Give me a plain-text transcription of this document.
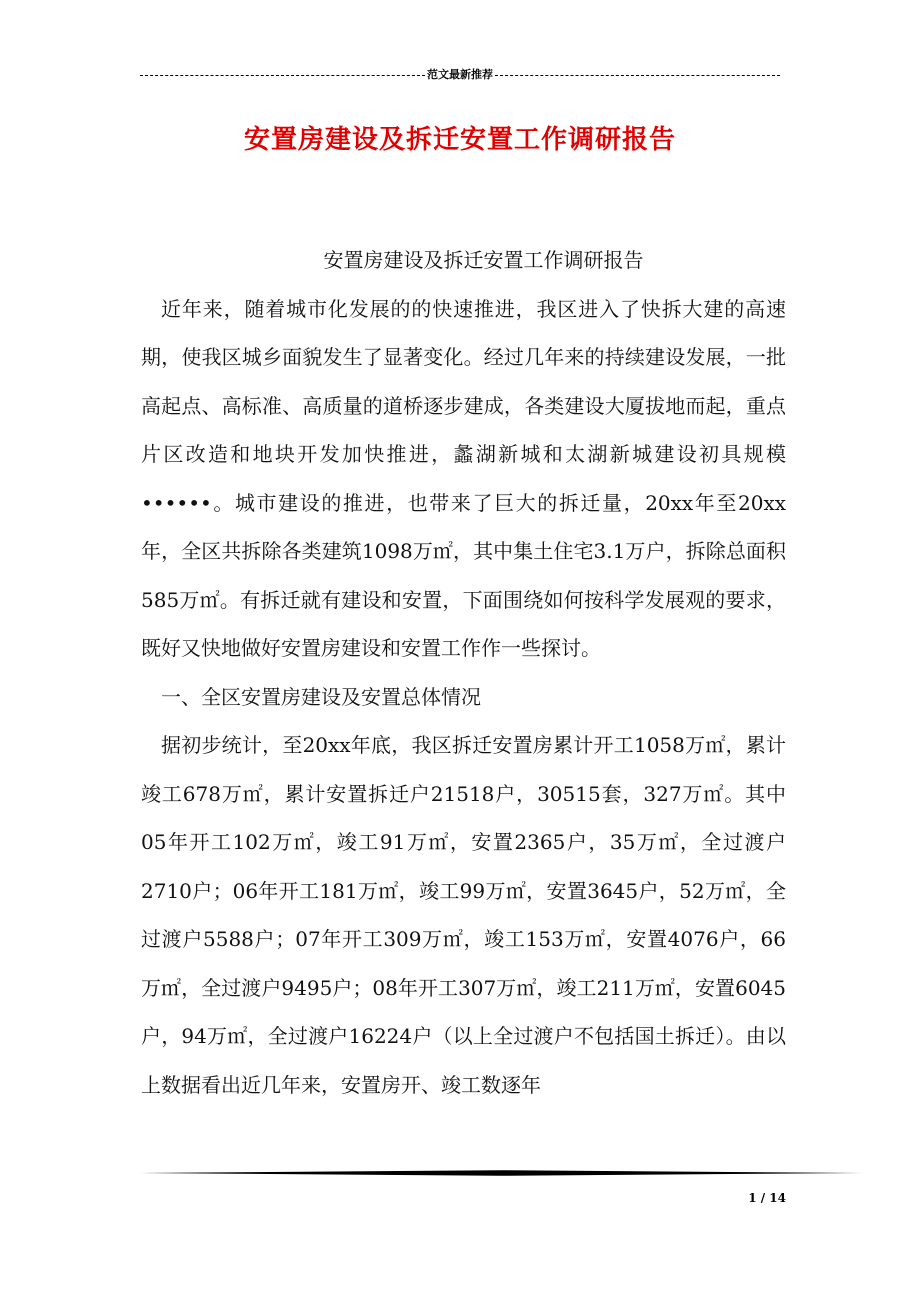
范文最新推荐
安置房建设及拆迁安置工作调研报告

安置房建设及拆迁安置工作调研报告

近年来，随着城市化发展的的快速推进，我区进入了快拆大建的高速期，使我区城乡面貌发生了显著变化。经过几年来的持续建设发展，一批高起点、高标准、高质量的道桥逐步建成，各类建设大厦拔地而起，重点片区改造和地块开发加快推进，蠡湖新城和太湖新城建设初具规模••••••。城市建设的推进，也带来了巨大的拆迁量，20xx年至20xx年，全区共拆除各类建筑1098万㎡，其中集土住宅3.1万户，拆除总面积585万㎡。有拆迁就有建设和安置，下面围绕如何按科学发展观的要求，既好又快地做好安置房建设和安置工作作一些探讨。

一、全区安置房建设及安置总体情况

据初步统计，至20xx年底，我区拆迁安置房累计开工1058万㎡，累计竣工678万㎡，累计安置拆迁户21518户，30515套，327万㎡。其中05年开工102万㎡，竣工91万㎡，安置2365户，35万㎡，全过渡户2710户；06年开工181万㎡，竣工99万㎡，安置3645户，52万㎡，全过渡户5588户；07年开工309万㎡，竣工153万㎡，安置4076户，66万㎡，全过渡户9495户；08年开工307万㎡，竣工211万㎡，安置6045户，94万㎡，全过渡户16224户（以上全过渡户不包括国土拆迁）。由以上数据看出近几年来，安置房开、竣工数逐年

1 / 14
